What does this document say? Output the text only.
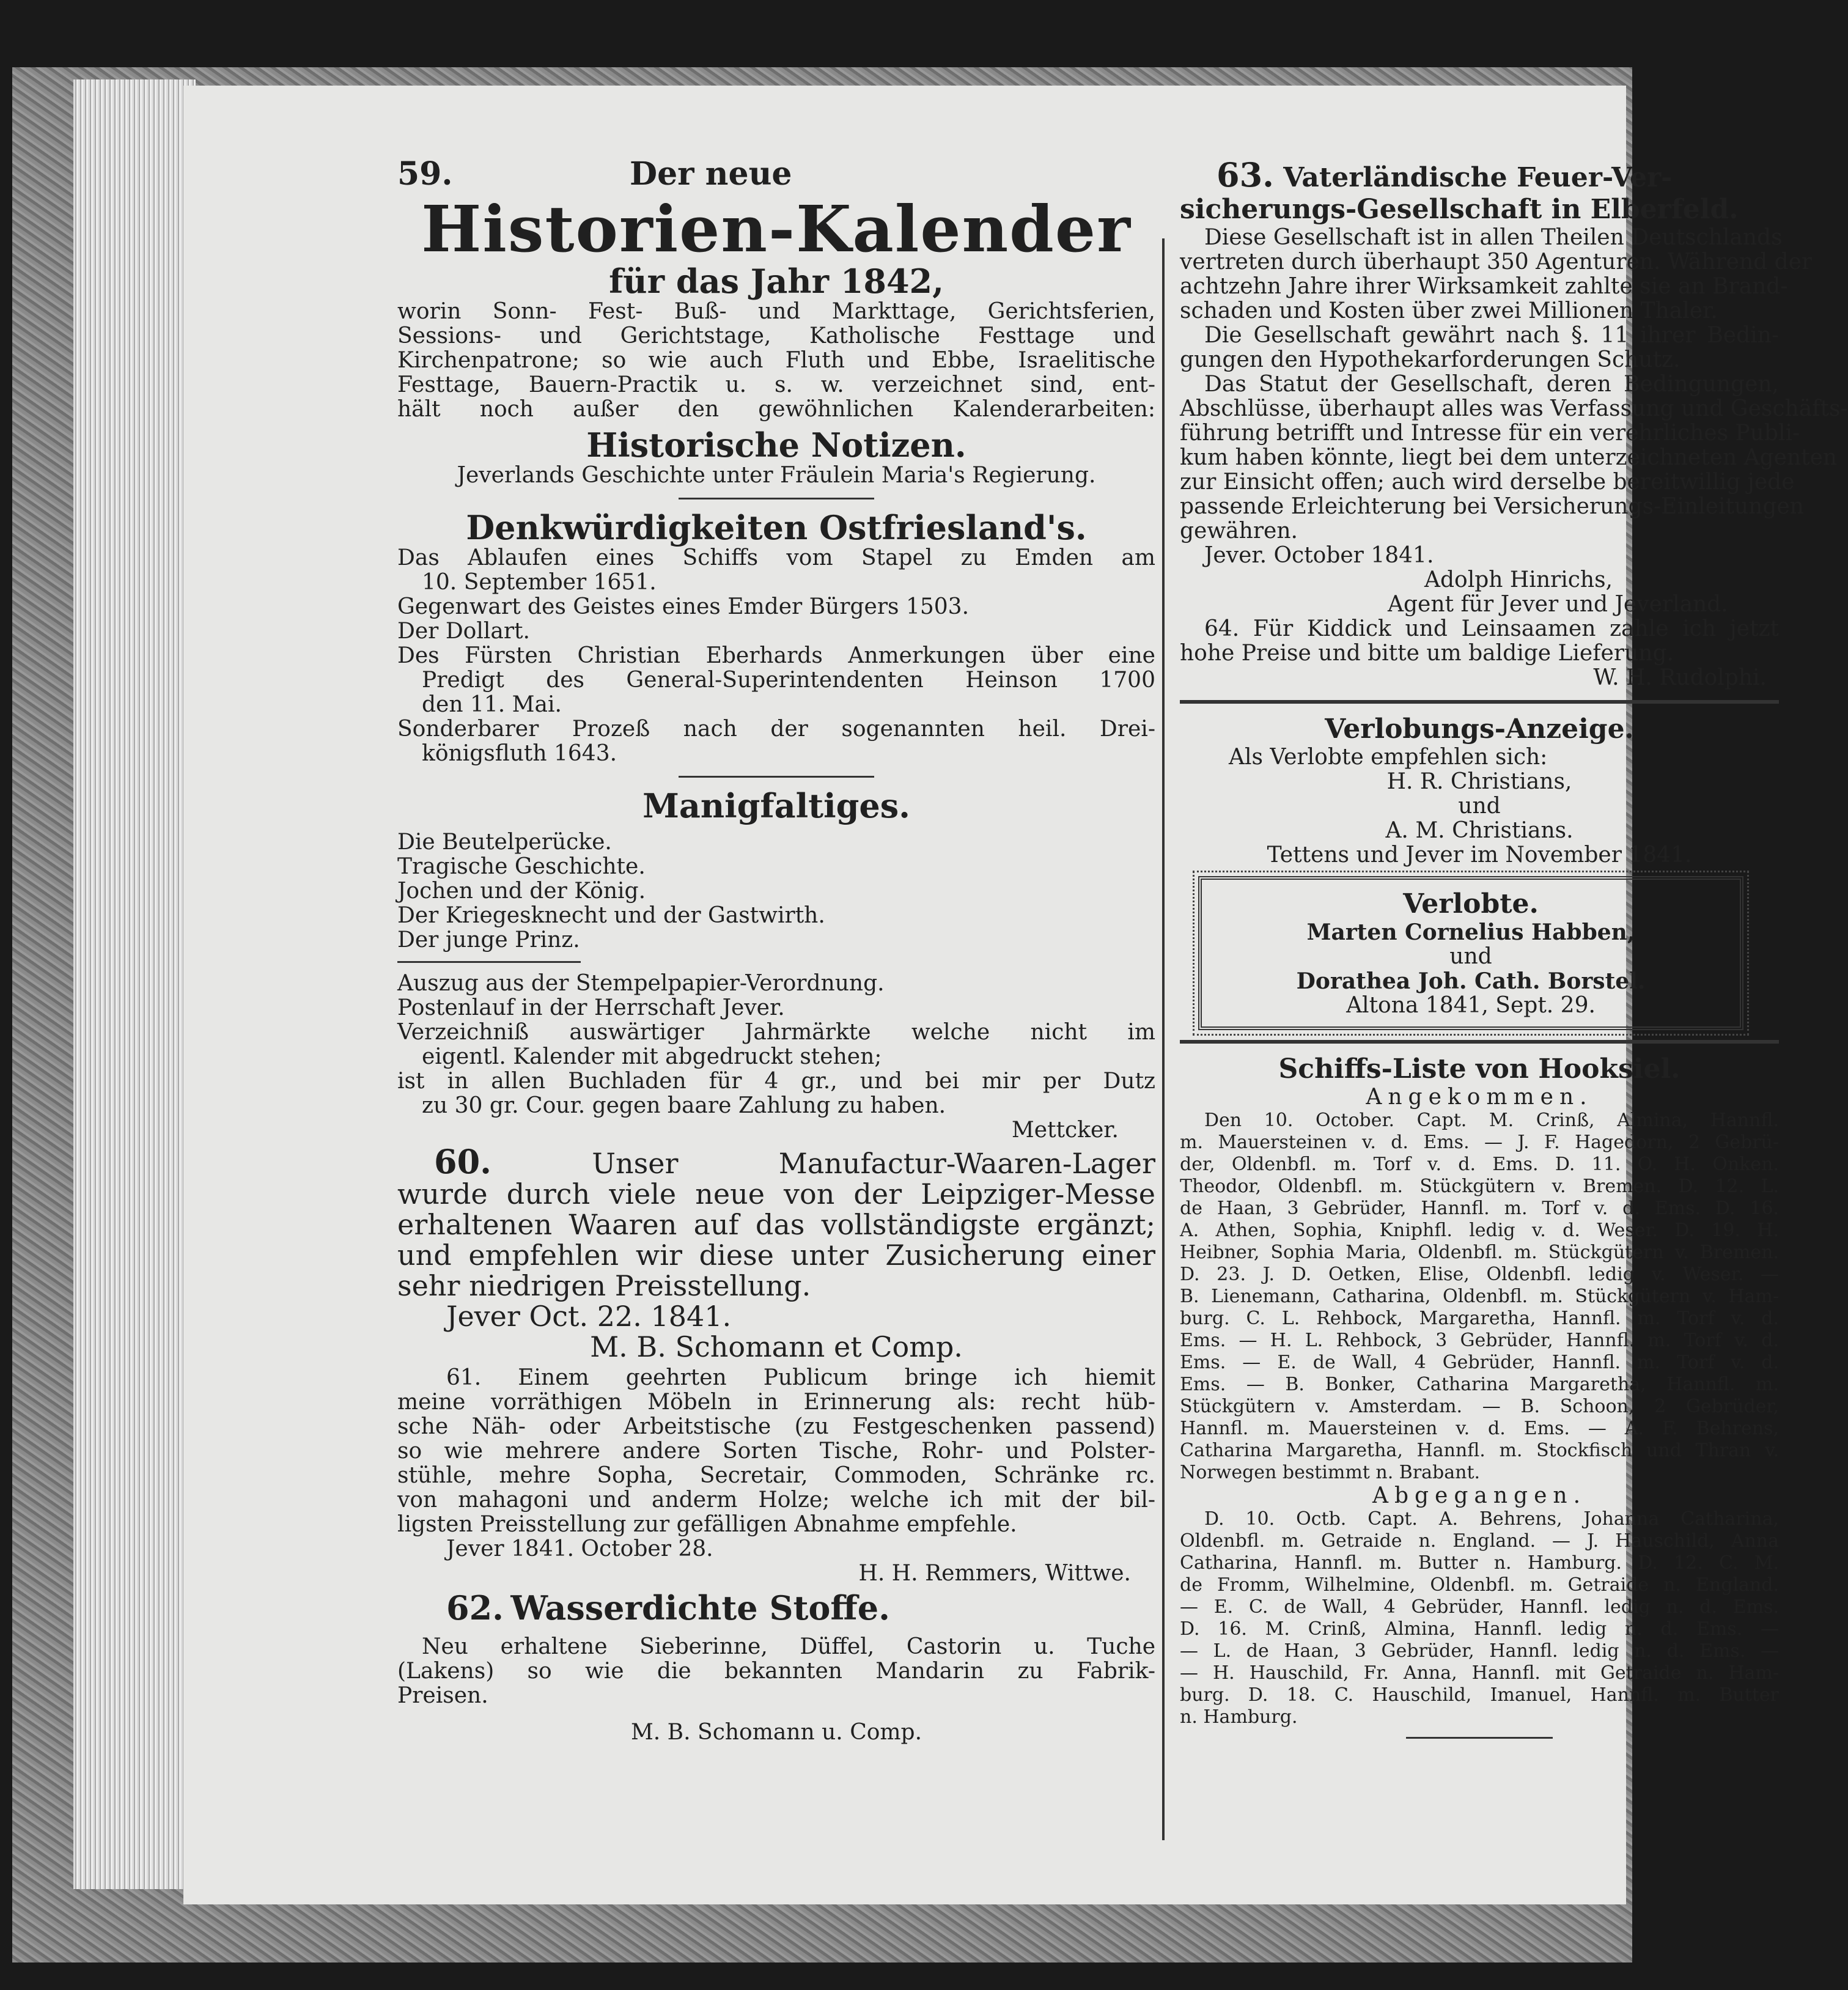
59.	Der neue
Historien-Kalender
für das Jahr 1842,
worin Sonn- Fest- Buß- und Markttage, Gerichtsferien,
Sessions- und Gerichtstage, Katholische Festtage und
Kirchenpatrone; so wie auch Fluth und Ebbe, Israelitische
Festtage, Bauern-Practik u. s. w. verzeichnet sind, ent-
hält noch außer den gewöhnlichen Kalenderarbeiten:
Historische Notizen.
Jeverlands Geschichte unter Fräulein Maria's Regierung.
Denkwürdigkeiten Ostfriesland's.
Das Ablaufen eines Schiffs vom Stapel zu Emden am
10. September 1651.
Gegenwart des Geistes eines Emder Bürgers 1503.
Der Dollart.
Des Fürsten Christian Eberhards Anmerkungen über eine
Predigt des General-Superintendenten Heinson 1700
den 11. Mai.
Sonderbarer Prozeß nach der sogenannten heil. Drei-
königsfluth 1643.
Manigfaltiges.
Die Beutelperücke.
Tragische Geschichte.
Jochen und der König.
Der Kriegesknecht und der Gastwirth.
Der junge Prinz.
Auszug aus der Stempelpapier-Verordnung.
Postenlauf in der Herrschaft Jever.
Verzeichniß auswärtiger Jahrmärkte welche nicht im
eigentl. Kalender mit abgedruckt stehen;
ist in allen Buchladen für 4 gr., und bei mir per Dutz
zu 30 gr. Cour. gegen baare Zahlung zu haben.
Mettcker.
60.	Unser Manufactur-Waaren-Lager
wurde durch viele neue von der Leipziger-Messe
erhaltenen Waaren auf das vollständigste ergänzt;
und empfehlen wir diese unter Zusicherung einer
sehr niedrigen Preisstellung.
Jever Oct. 22. 1841.
M. B. Schomann et Comp.
61. Einem geehrten Publicum bringe ich hiemit
meine vorräthigen Möbeln in Erinnerung als: recht hüb-
sche Näh- oder Arbeitstische (zu Festgeschenken passend)
so wie mehrere andere Sorten Tische, Rohr- und Polster-
stühle, mehre Sopha, Secretair, Commoden, Schränke rc.
von mahagoni und anderm Holze; welche ich mit der bil-
ligsten Preisstellung zur gefälligen Abnahme empfehle.
Jever 1841. October 28.
H. H. Remmers, Wittwe.
62. Wasserdichte Stoffe.
Neu erhaltene Sieberinne, Düffel, Castorin u. Tuche
(Lakens) so wie die bekannten Mandarin zu Fabrik-
Preisen.
M. B. Schomann u. Comp.
63. Vaterländische Feuer-Ver-
sicherungs-Gesellschaft in Elberfeld.
Diese Gesellschaft ist in allen Theilen Deutschlands
vertreten durch überhaupt 350 Agenturen. Während der
achtzehn Jahre ihrer Wirksamkeit zahlte sie an Brand-
schaden und Kosten über zwei Millionen Thaler.
Die Gesellschaft gewährt nach §. 11 ihrer Bedin-
gungen den Hypothekarforderungen Schutz.
Das Statut der Gesellschaft, deren Bedingungen,
Abschlüsse, überhaupt alles was Verfassung und Geschäfts-
führung betrifft und Intresse für ein verehrliches Publi-
kum haben könnte, liegt bei dem unterzeichneten Agenten
zur Einsicht offen; auch wird derselbe bereitwillig jede
passende Erleichterung bei Versicherungs-Einleitungen
gewähren.
Jever. October 1841.
Adolph Hinrichs,
Agent für Jever und Jeverland.
64. Für Kiddick und Leinsaamen zahle ich jetzt
hohe Preise und bitte um baldige Lieferung.
W. H. Rudolphi.
Verlobungs-Anzeige.
Als Verlobte empfehlen sich:
H. R. Christians,
und
A. M. Christians.
Tettens und Jever im November 1841.
Verlobte.
Marten Cornelius Habben,
und
Dorathea Joh. Cath. Borstel.
Altona 1841, Sept. 29.
Schiffs-Liste von Hooksiel.
Angekommen.
Den 10. October. Capt. M. Crinß, Almina, Hannfl.
m. Mauersteinen v. d. Ems. — J. F. Hagedorn, 2 Gebrü-
der, Oldenbfl. m. Torf v. d. Ems. D. 11. O. H. Onken.
Theodor, Oldenbfl. m. Stückgütern v. Bremen. D. 12. L.
de Haan, 3 Gebrüder, Hannfl. m. Torf v. d. Ems. D. 16.
A. Athen, Sophia, Kniphfl. ledig v. d. Weser. D. 19. H.
Heibner, Sophia Maria, Oldenbfl. m. Stückgütern v. Bremen.
D. 23. J. D. Oetken, Elise, Oldenbfl. ledig v. Weser. —
B. Lienemann, Catharina, Oldenbfl. m. Stückgütern v. Ham-
burg. C. L. Rehbock, Margaretha, Hannfl. m. Torf v. d.
Ems. — H. L. Rehbock, 3 Gebrüder, Hannfl. m. Torf v. d.
Ems. — E. de Wall, 4 Gebrüder, Hannfl. m. Torf v. d.
Ems. — B. Bonker, Catharina Margaretha, Hannfl. m.
Stückgütern v. Amsterdam. — B. Schoon, 2 Gebrüder,
Hannfl. m. Mauersteinen v. d. Ems. — A. F. Behrens,
Catharina Margaretha, Hannfl. m. Stockfisch und Thran v.
Norwegen bestimmt n. Brabant.
Abgegangen.
D. 10. Octb. Capt. A. Behrens, Johanna Catharina,
Oldenbfl. m. Getraide n. England. — J. Hauschild, Anna
Catharina, Hannfl. m. Butter n. Hamburg. D. 12. C. M.
de Fromm, Wilhelmine, Oldenbfl. m. Getraide n. England.
— E. C. de Wall, 4 Gebrüder, Hannfl. ledig n. d. Ems.
D. 16. M. Crinß, Almina, Hannfl. ledig n. d. Ems. —
— L. de Haan, 3 Gebrüder, Hannfl. ledig n. d. Ems. —
— H. Hauschild, Fr. Anna, Hannfl. mit Getraide n. Ham-
burg. D. 18. C. Hauschild, Imanuel, Hannfl. m. Butter
n. Hamburg.
